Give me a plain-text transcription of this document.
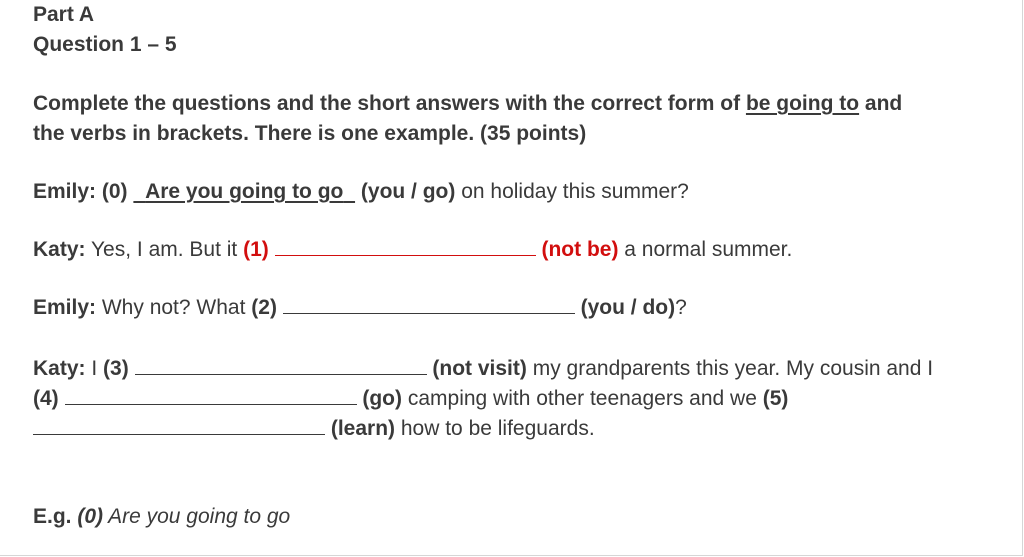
Part A
Question 1 – 5
Complete the questions and the short answers with the correct form of be going to and
the verbs in brackets. There is one example. (35 points)
Emily: (0) Are you going to go (you / go) on holiday this summer?
Katy: Yes, I am. But it (1)	(not be) a normal summer.
Emily: Why not? What (2)	(you / do)?
Katy: I (3)	(not visit) my grandparents this year. My cousin and I
(4)	(go) camping with other teenagers and we (5)
(learn) how to be lifeguards.
E.g. (0) Are you going to go
